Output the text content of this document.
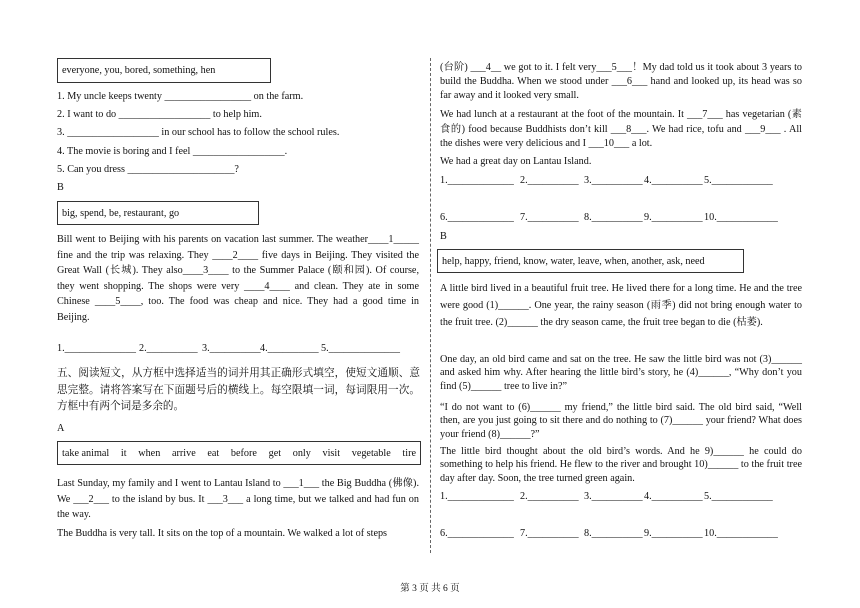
everyone, you, bored, something, hen
1. My uncle keeps twenty _________________ on the farm.
2. I want to do __________________ to help him.
3. __________________ in our school has to follow the school rules.
4. The movie is boring and I feel __________________.
5. Can you dress _____________________?
B
big, spend, be, restaurant, go
Bill went to Beijing with his parents on vacation last summer. The weather____1_____ fine and the trip was relaxing. They ____2____ five days in Beijing. They visited the Great Wall (长城). They also____3____ to the Summer Palace (颐和园). Of course, they went shopping. The shops were very ____4____ and clean. They ate in some Chinese ____5____, too. The food was cheap and nice. They had a good time in Beijing.
1.______________ 2.__________ 3.__________ 4.__________ 5.______________
五、阅读短文，从方框中选择适当的词并用其正确形式填空，使短文通顺、意思完整。请将答案写在下面题号后的横线上。每空限填一词，每词限用一次。方框中有两个词是多余的。
A
take animal it when arrive eat before get only visit vegetable tire
Last Sunday, my family and I went to Lantau Island to ___1___ the Big Buddha (佛像). We ___2___ to the island by bus. It ___3___ a long time, but we talked and had fun on the way.
The Buddha is very tall. It sits on the top of a mountain. We walked a lot of steps
(台阶) ___4__ we got to it. I felt very___5___！My dad told us it took about 3 years to build the Buddha. When we stood under ___6___ hand and looked up, its head was so far away and it looked very small.
We had lunch at a restaurant at the foot of the mountain. It ___7___ has vegetarian (素食的) food because Buddhists don’t kill ___8___. We had rice, tofu and ___9___ . All the dishes were very delicious and I ___10___ a lot.
We had a great day on Lantau Island.
1._____________ 2.__________ 3.__________ 4.__________ 5.____________
6._____________ 7.__________ 8.__________ 9.__________ 10.____________
B
help, happy, friend, know, water, leave, when, another, ask, need
A little bird lived in a beautiful fruit tree. He lived there for a long time. He and the tree were good (1)______. One year, the rainy season (雨季) did not bring enough water to the fruit tree. (2)______ the dry season came, the fruit tree began to die (枯萎).
One day, an old bird came and sat on the tree. He saw the little bird was not (3)______ and asked him why. After hearing the little bird’s story, he (4)______, “Why don’t you find (5)______ tree to live in?”
“I do not want to (6)______ my friend,” the little bird said. The old bird said, “Well then, are you just going to sit there and do nothing to (7)______ your friend? What does your friend (8)______?”
The little bird thought about the old bird’s words. And he 9)______ he could do something to help his friend. He flew to the river and brought 10)______ to the fruit tree day after day. Soon, the tree turned green again.
1._____________ 2.__________ 3.__________ 4.__________ 5.____________
6._____________ 7.__________ 8.__________ 9.__________ 10.____________
第 3 页 共 6 页
